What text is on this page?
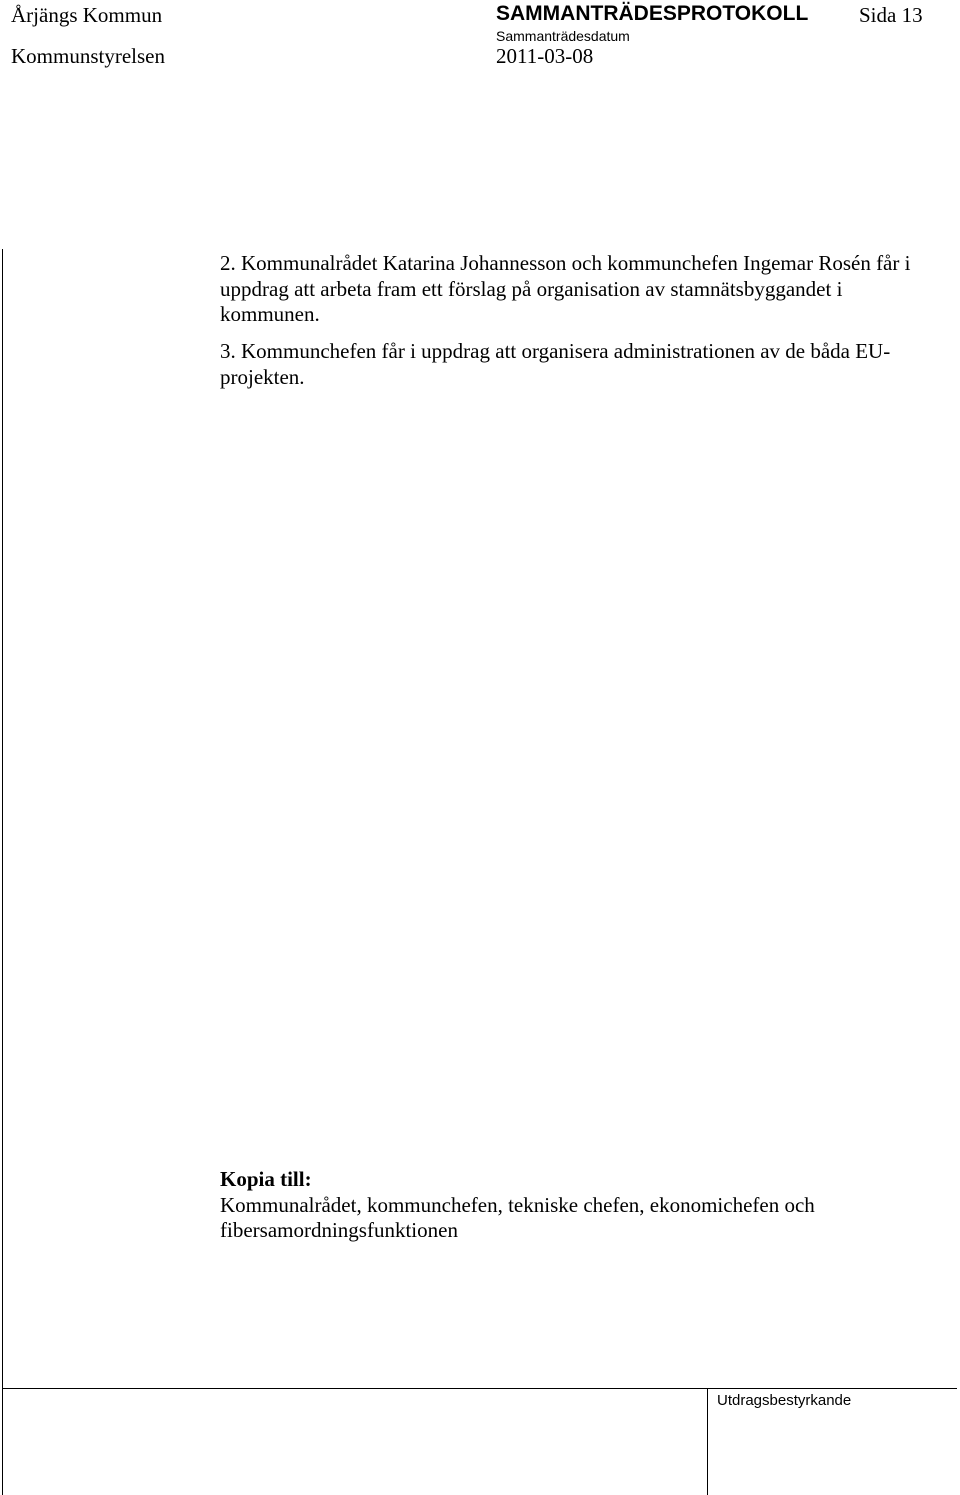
Årjängs Kommun	SAMMANTRÄDESPROTOKOLL Sida 13
Sammanträdesdatum
Kommunstyrelsen	2011-03-08

2. Kommunalrådet Katarina Johannesson och kommunchefen Ingemar Rosén får i

uppdrag att arbeta fram ett förslag på organisation av stamnätsbyggandet i

kommunen.

3. Kommunchefen får i uppdrag att organisera administrationen av de båda EU-

projekten.

Kopia till:

Kommunalrådet, kommunchefen, tekniske chefen, ekonomichefen och

fibersamordningsfunktionen

Utdragsbestyrkande
